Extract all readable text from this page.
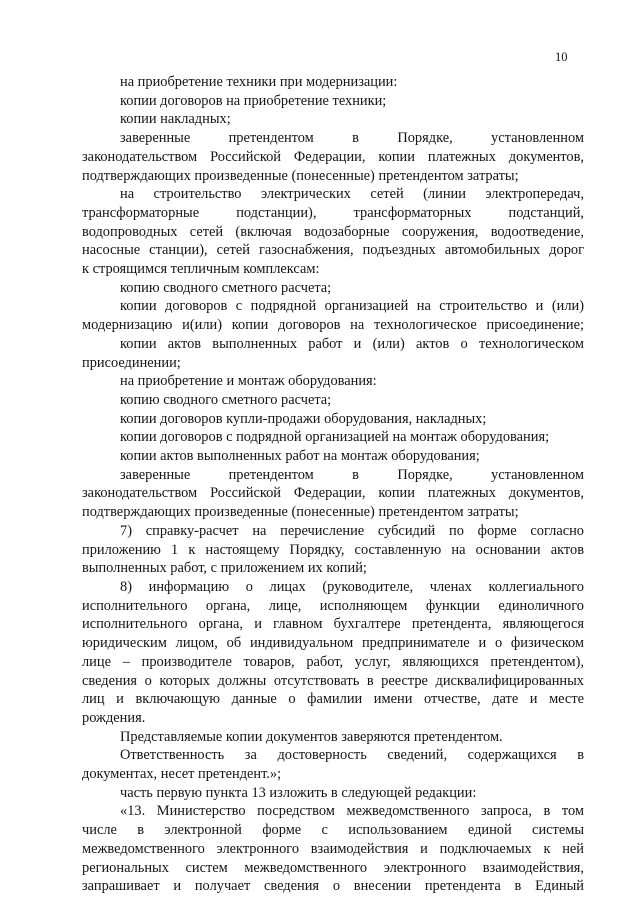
10

на приобретение техники при модернизации:

копии договоров на приобретение техники;

копии накладных;

заверенные претендентом в Порядке, установленном

законодательством Российской Федерации, копии платежных документов,

подтверждающих произведенные (понесенные) претендентом затраты;

на строительство электрических сетей (линии электропередач,

трансформаторные подстанции), трансформаторных подстанций,

водопроводных сетей (включая водозаборные сооружения, водоотведение,

насосные станции), сетей газоснабжения, подъездных автомобильных дорог

к строящимся тепличным комплексам:

копию сводного сметного расчета;

копии договоров с подрядной организацией на строительство и (или)

модернизацию и(или) копии договоров на технологическое присоединение;

копии актов выполненных работ и (или) актов о технологическом

присоединении;

на приобретение и монтаж оборудования:

копию сводного сметного расчета;

копии договоров купли-продажи оборудования, накладных;

копии договоров с подрядной организацией на монтаж оборудования;

копии актов выполненных работ на монтаж оборудования;

заверенные претендентом в Порядке, установленном

законодательством Российской Федерации, копии платежных документов,

подтверждающих произведенные (понесенные) претендентом затраты;

7) справку-расчет на перечисление субсидий по форме согласно

приложению 1 к настоящему Порядку, составленную на основании актов

выполненных работ, с приложением их копий;

8) информацию о лицах (руководителе, членах коллегиального

исполнительного органа, лице, исполняющем функции единоличного

исполнительного органа, и главном бухгалтере претендента, являющегося

юридическим лицом, об индивидуальном предпринимателе и о физическом

лице – производителе товаров, работ, услуг, являющихся претендентом),

сведения о которых должны отсутствовать в реестре дисквалифицированных

лиц и включающую данные о фамилии имени отчестве, дате и месте

рождения.

Представляемые копии документов заверяются претендентом.

Ответственность за достоверность сведений, содержащихся в

документах, несет претендент.»;

часть первую пункта 13 изложить в следующей редакции:

«13. Министерство посредством межведомственного запроса, в том

числе в электронной форме с использованием единой системы

межведомственного электронного взаимодействия и подключаемых к ней

региональных систем межведомственного электронного взаимодействия,

запрашивает и получает сведения о внесении претендента в Единый
